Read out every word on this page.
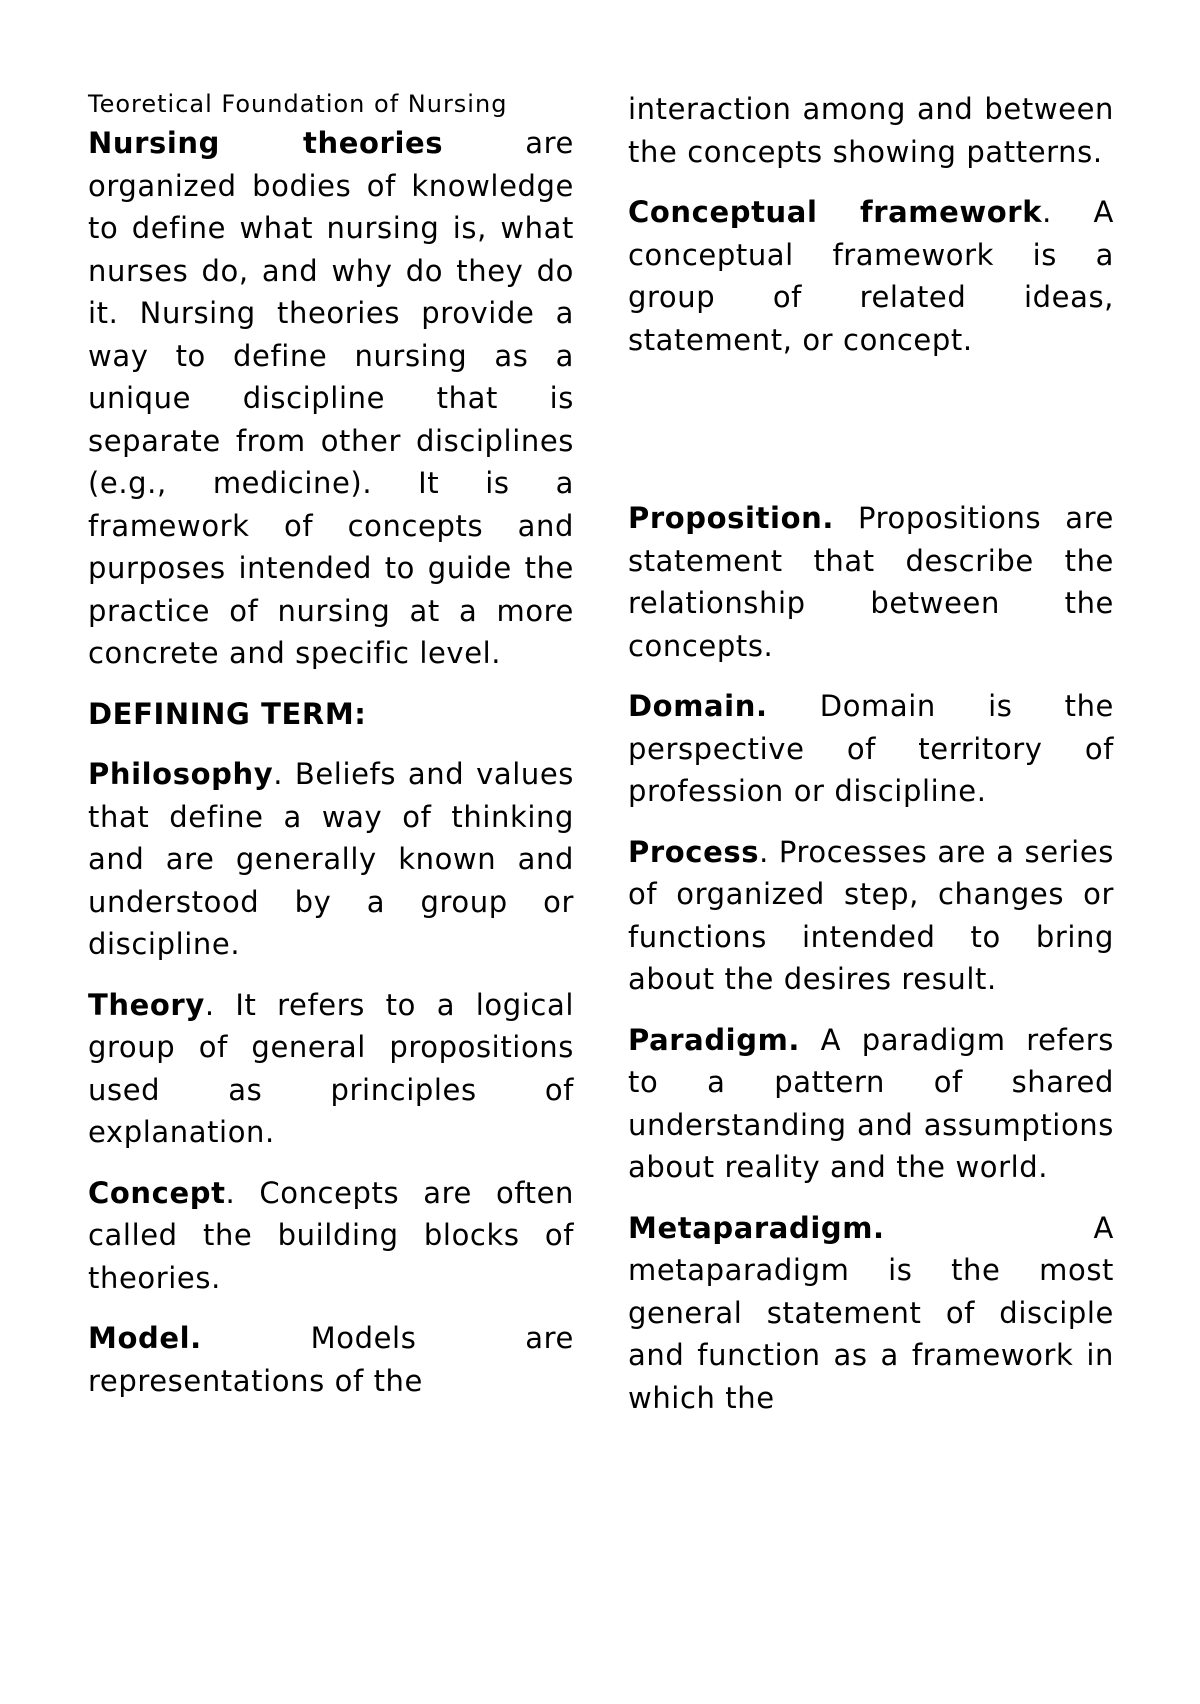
Teoretical Foundation of Nursing

Nursing theories are organized bodies of knowledge to define what nursing is, what nurses do, and why do they do it. Nursing theories provide a way to define nursing as a unique discipline that is separate from other disciplines (e.g., medicine). It is a framework of concepts and purposes intended to guide the practice of nursing at a more concrete and specific level.

DEFINING TERM:

Philosophy. Beliefs and values that define a way of thinking and are generally known and understood by a group or discipline.

Theory. It refers to a logical group of general propositions used as principles of explanation.

Concept. Concepts are often called the building blocks of theories.

Model. Models are representations of the

interaction among and between the concepts showing patterns.

Conceptual framework. A conceptual framework is a group of related ideas, statement, or concept.

Proposition. Propositions are statement that describe the relationship between the concepts.

Domain. Domain is the perspective of territory of profession or discipline.

Process. Processes are a series of organized step, changes or functions intended to bring about the desires result.

Paradigm. A paradigm refers to a pattern of shared understanding and assumptions about reality and the world.

Metaparadigm. A metaparadigm is the most general statement of disciple and function as a framework in which the
